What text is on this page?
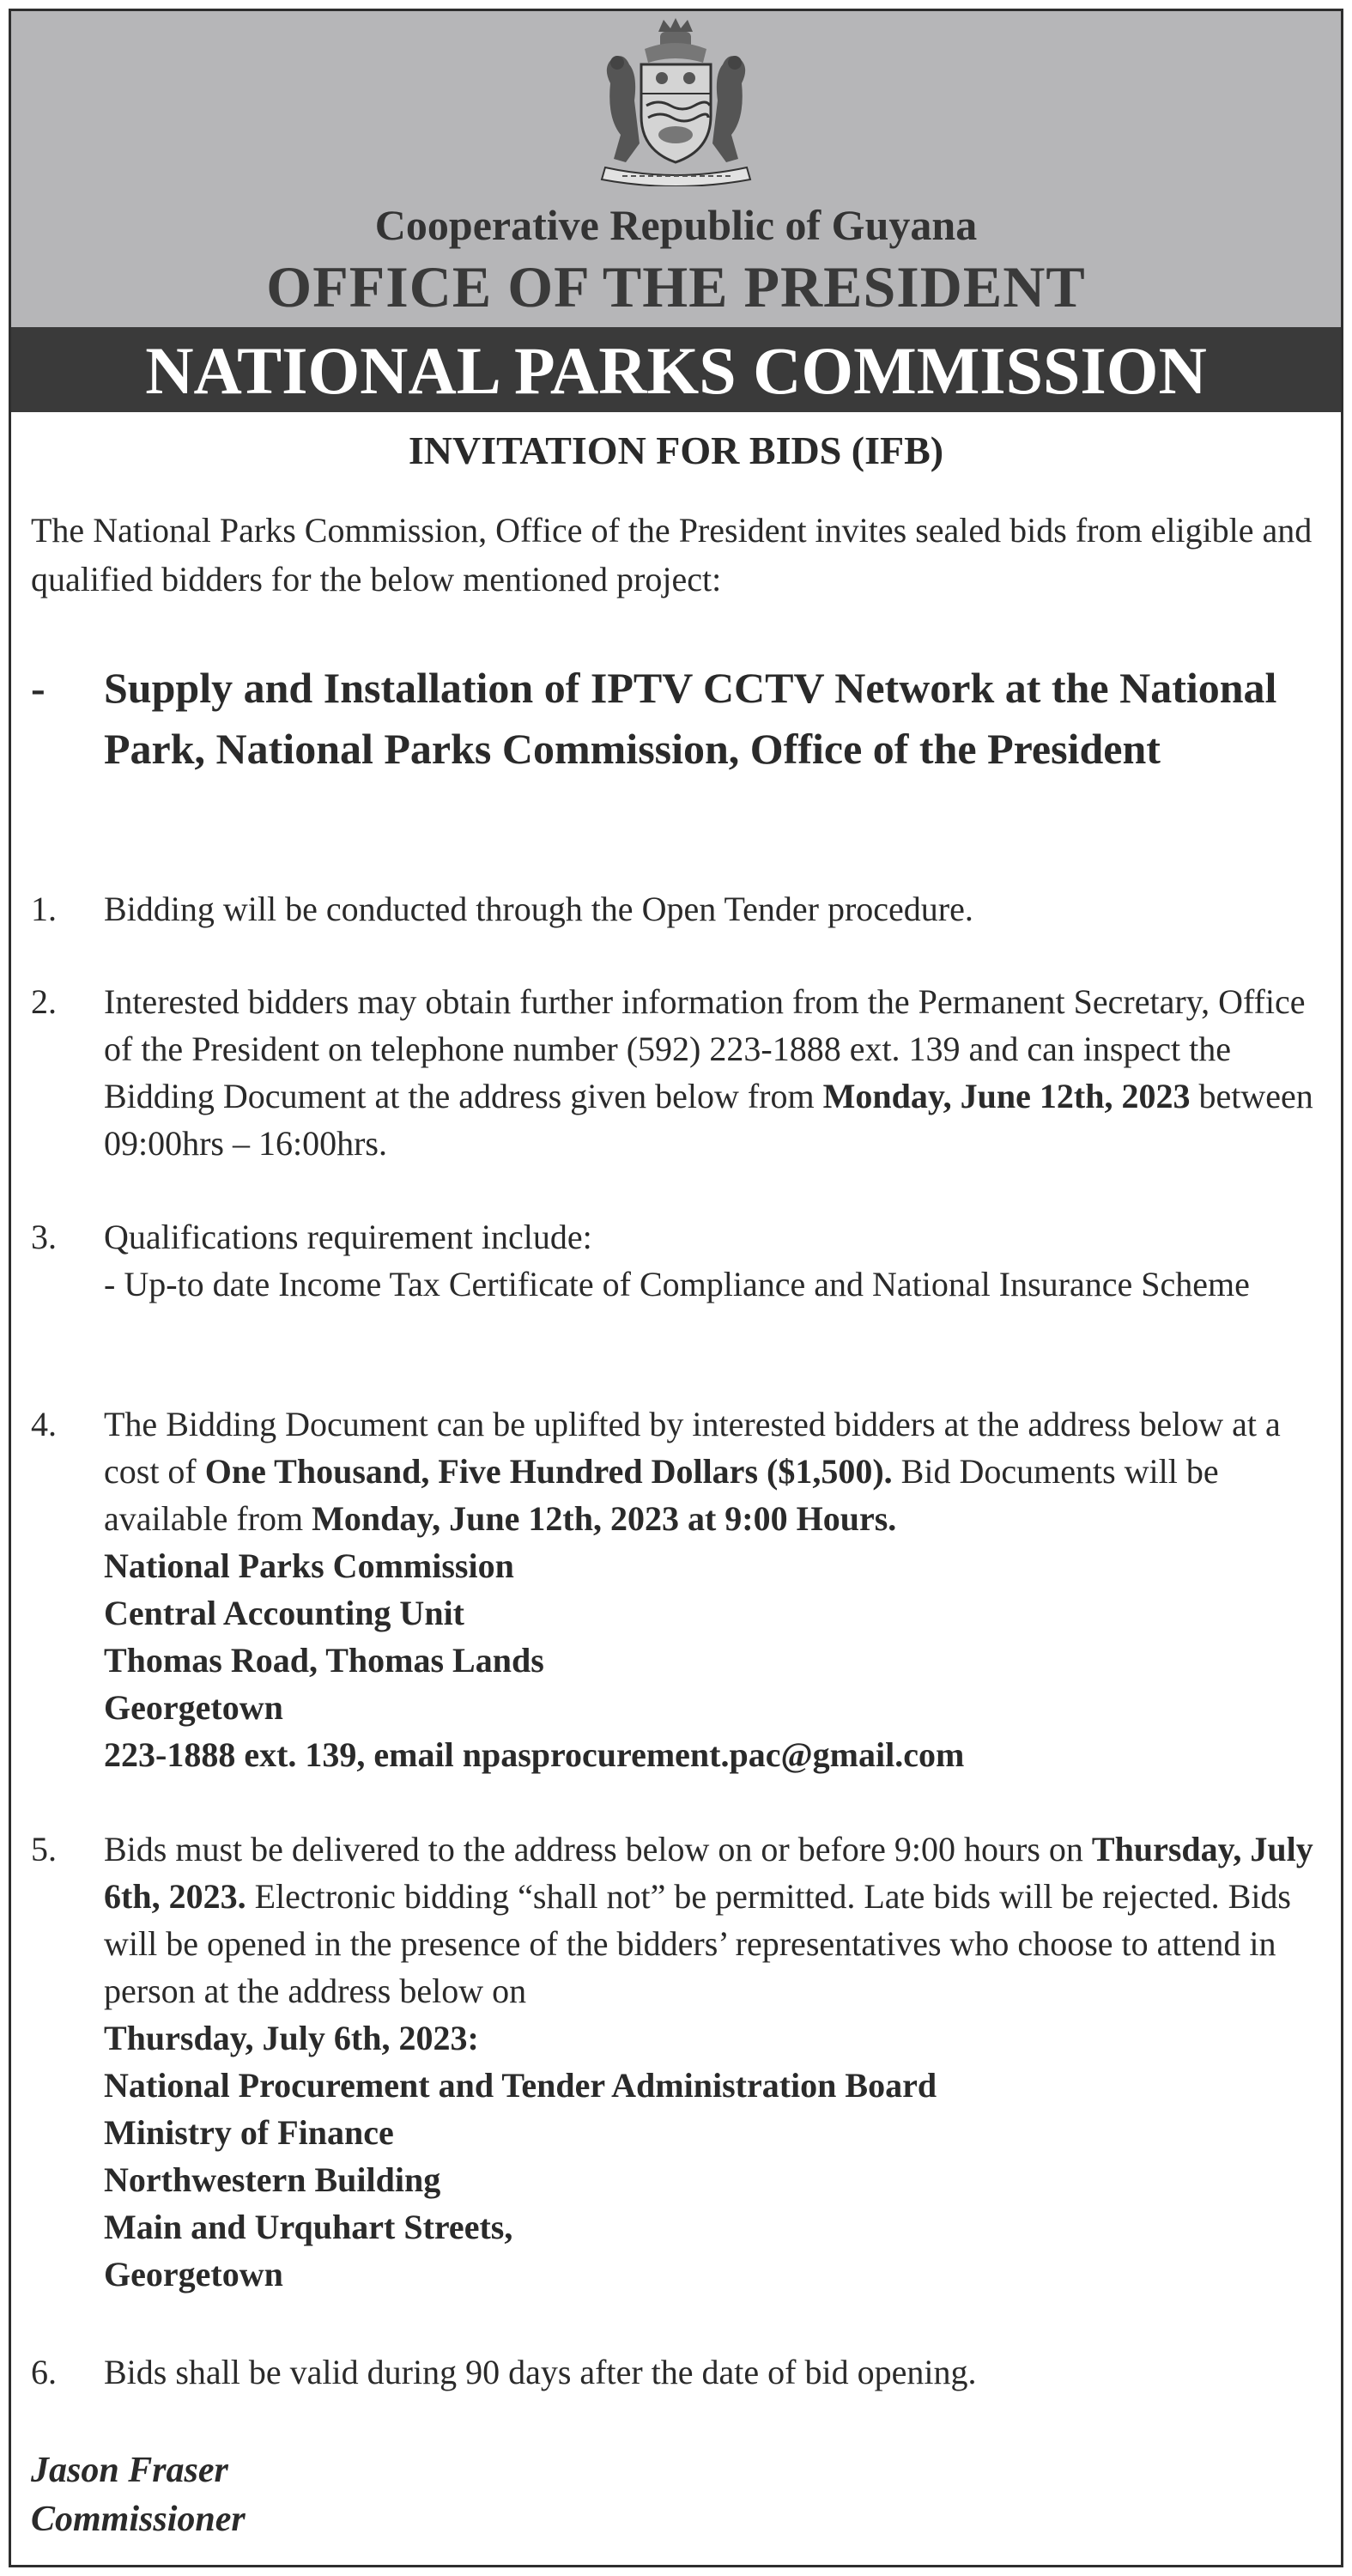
Cooperative Republic of Guyana
OFFICE OF THE PRESIDENT
NATIONAL PARKS COMMISSION
INVITATION FOR BIDS (IFB)
The National Parks Commission, Office of the President invites sealed bids from eligible and qualified bidders for the below mentioned project:
- Supply and Installation of IPTV CCTV Network at the National Park, National Parks Commission, Office of the President
1. Bidding will be conducted through the Open Tender procedure.
2. Interested bidders may obtain further information from the Permanent Secretary, Office of the President on telephone number (592) 223-1888 ext. 139 and can inspect the Bidding Document at the address given below from Monday, June 12th, 2023 between 09:00hrs – 16:00hrs.
3. Qualifications requirement include:
- Up-to date Income Tax Certificate of Compliance and National Insurance Scheme
4. The Bidding Document can be uplifted by interested bidders at the address below at a cost of One Thousand, Five Hundred Dollars ($1,500). Bid Documents will be available from Monday, June 12th, 2023 at 9:00 Hours.
National Parks Commission
Central Accounting Unit
Thomas Road, Thomas Lands
Georgetown
223-1888 ext. 139, email npasprocurement.pac@gmail.com
5. Bids must be delivered to the address below on or before 9:00 hours on Thursday, July 6th, 2023. Electronic bidding “shall not” be permitted. Late bids will be rejected. Bids will be opened in the presence of the bidders’ representatives who choose to attend in person at the address below on
Thursday, July 6th, 2023:
National Procurement and Tender Administration Board
Ministry of Finance
Northwestern Building
Main and Urquhart Streets,
Georgetown
6. Bids shall be valid during 90 days after the date of bid opening.
Jason Fraser
Commissioner
